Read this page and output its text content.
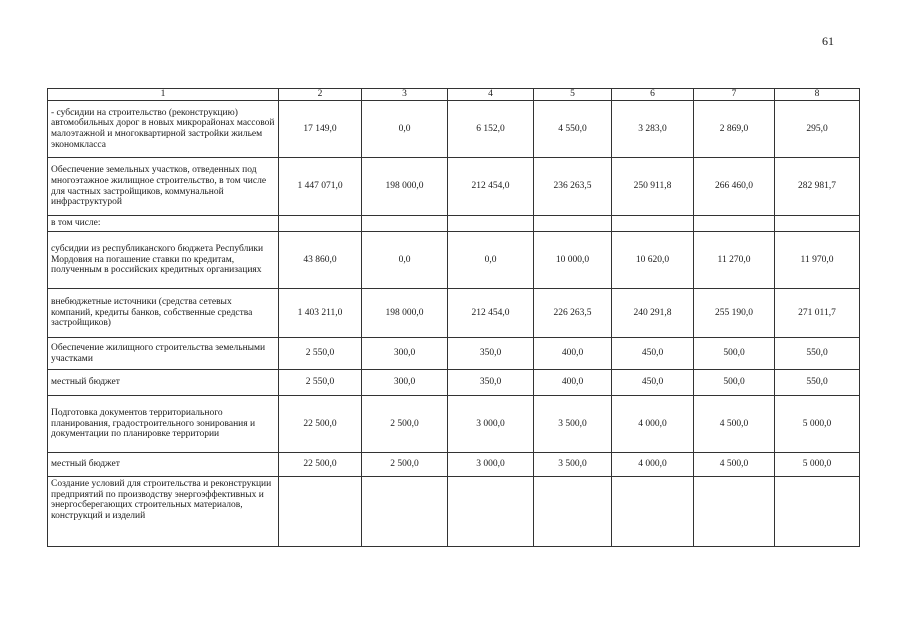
61
1	2	3	4	5	6	7	8
- субсидии на строительство (реконструкцию) автомобильных дорог в новых микрорайонах массовой малоэтажной и многоквартирной застройки жильем экономкласса	17 149,0	0,0	6 152,0	4 550,0	3 283,0	2 869,0	295,0
Обеспечение земельных участков, отведенных под многоэтажное жилищное строительство, в том числе для частных застройщиков, коммунальной инфраструктурой	1 447 071,0	198 000,0	212 454,0	236 263,5	250 911,8	266 460,0	282 981,7
в том числе:							
субсидии из республиканского бюджета Республики Мордовия на погашение ставки по кредитам, полученным в российских кредитных организациях	43 860,0	0,0	0,0	10 000,0	10 620,0	11 270,0	11 970,0
внебюджетные источники (средства сетевых компаний, кредиты банков, собственные средства застройщиков)	1 403 211,0	198 000,0	212 454,0	226 263,5	240 291,8	255 190,0	271 011,7
Обеспечение жилищного строительства земельными участками	2 550,0	300,0	350,0	400,0	450,0	500,0	550,0
местный бюджет	2 550,0	300,0	350,0	400,0	450,0	500,0	550,0
Подготовка документов территориального планирования, градостроительного зонирования и документации по планировке территории	22 500,0	2 500,0	3 000,0	3 500,0	4 000,0	4 500,0	5 000,0
местный бюджет	22 500,0	2 500,0	3 000,0	3 500,0	4 000,0	4 500,0	5 000,0
Создание условий для строительства и реконструкции предприятий по производству энергоэффективных и энергосберегающих строительных материалов, конструкций и изделий							
